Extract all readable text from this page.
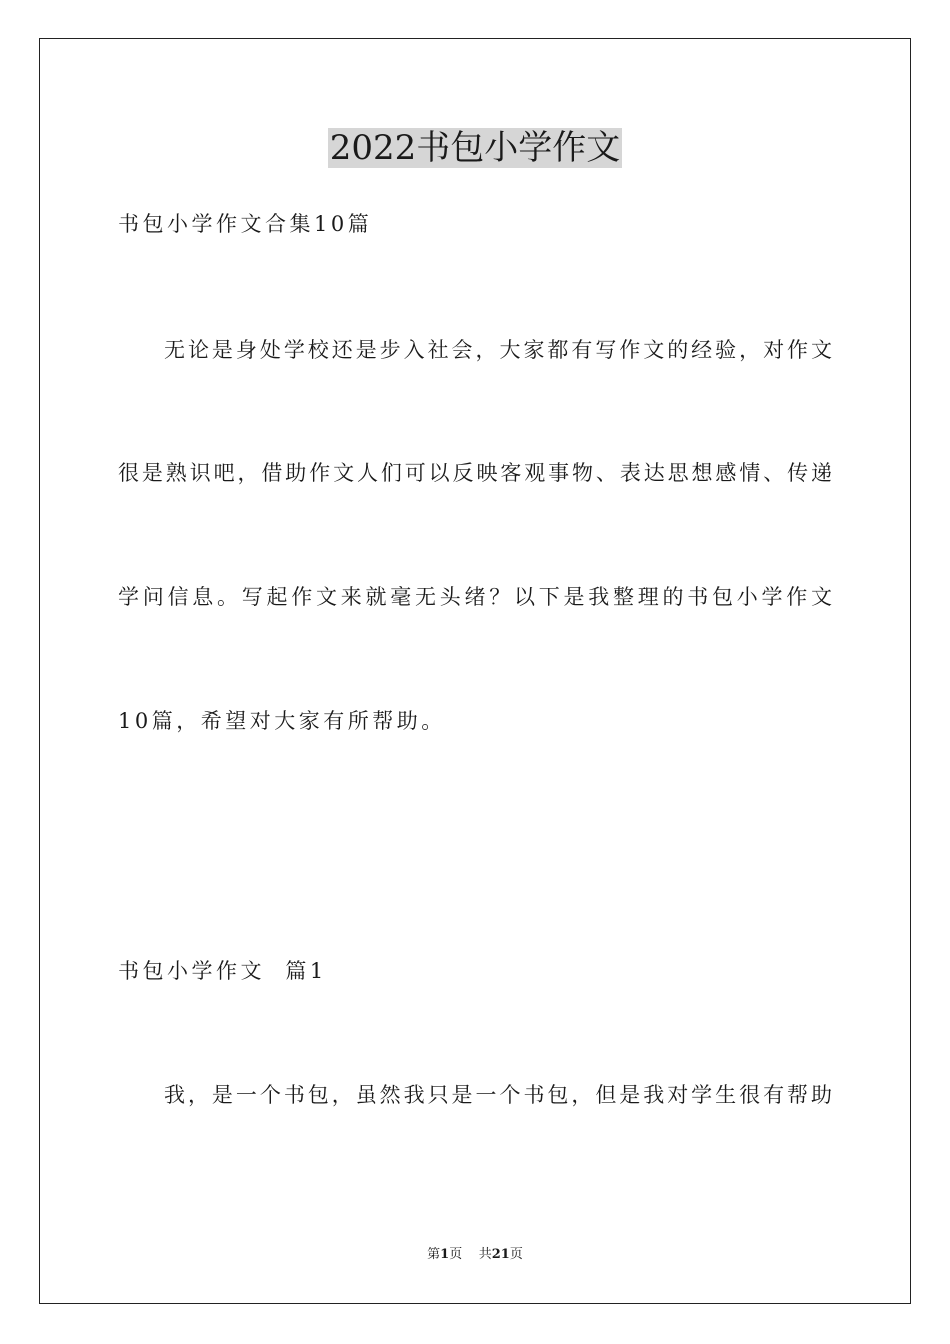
2022书包小学作文
书包小学作文合集10篇
无论是身处学校还是步入社会，大家都有写作文的经验，对作文
很是熟识吧，借助作文人们可以反映客观事物、表达思想感情、传递
学问信息。写起作文来就毫无头绪？以下是我整理的书包小学作文
10篇，希望对大家有所帮助。
书包小学作文  篇1
我，是一个书包，虽然我只是一个书包，但是我对学生很有帮助
第1页 共21页
